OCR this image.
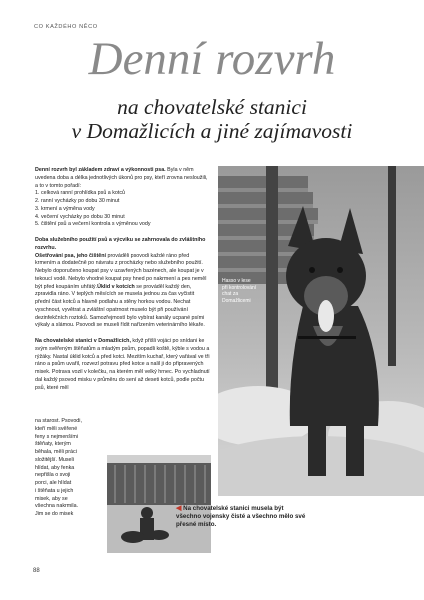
CO KAŽDÉHO NĚCO
Denní rozvrh
na chovatelské stanici
v Domažlicích a jiné zajímavosti

Denní rozvrh byl základem zdraví a výkonnosti psa. Byla v něm uvedena doba a délka jednotlivých úkonů pro psy, kteří zrovna nesloužili, a to v tomto pořadí:

1. celková ranní prohlídka psů a kotců
2. ranní vycházky po dobu 30 minut
3. krmení a výměna vody
4. večerní vycházky po dobu 30 minut
5. čištění psů a večerní kontrola s výměnou vody

Doba služebního použití psů a výcviku se zahrnovala do zvláštního rozvrhu.

Ošetřování psa, jeho čištění prováděli psovodi každé ráno před krmením a dodatečně po návratu z procházky nebo služebního použití. Nebylo doporučeno koupat psy v uzavřených bazénech, ale koupat je v tekoucí vodě. Nebylo vhodné koupat psy hned po nakrmení a pes neměl být před koupáním uhřátý.Úklid v kotcích se prováděl každý den, zpravidla ráno. V teplých měsících se musela jednou za čas vyčistit přední část kotců a hlavně podlahu a stěny horkou vodou. Nechat vyschnout, vyvětrat a zvláštní opatrnost muselo být při používání dezinfekčních roztoků. Samozřejmostí bylo vybírat kanály ucpané psími výkaly a slámou. Psovodi se museli řídit nařízením veterinárního lékaře.

Na chovatelské stanici v Domažlicích, když přišli vojáci po snídani ke svým svěřeným štěňatům a mladým psům, popadli koště, kýble s vodou a rýžáky. Nastal úklid kotců a před kotci. Mezitím kuchař, který vařával ve tři ráno a psům uvařil, rozvezl potravu před kotce a nalil ji do připravených misek. Potrava vozil v kolečku, na kterém měl velký hrnec. Po vychladnutí dal každý psovod misku v průměru do sení až deseti kotců, podle počtu psů, které měl

na starost. Psovodi,
kteří měli svěřené
feny s nejmenšími
štěňaty, kterým
běhala, měli práci
složitější. Museli
hlídat, aby fenka
nepřišla o svoji
porci, ale hlídat
i štěňata u jejich
misek, aby se
všechna nakrmila.
Jim se do misek
Hasso v lese
při kontrolování
chat za
Domažlicemi
◀ Na chovatelské stanici musela být všechno vojensky čisté a všechno mělo své přesné místo.
88
